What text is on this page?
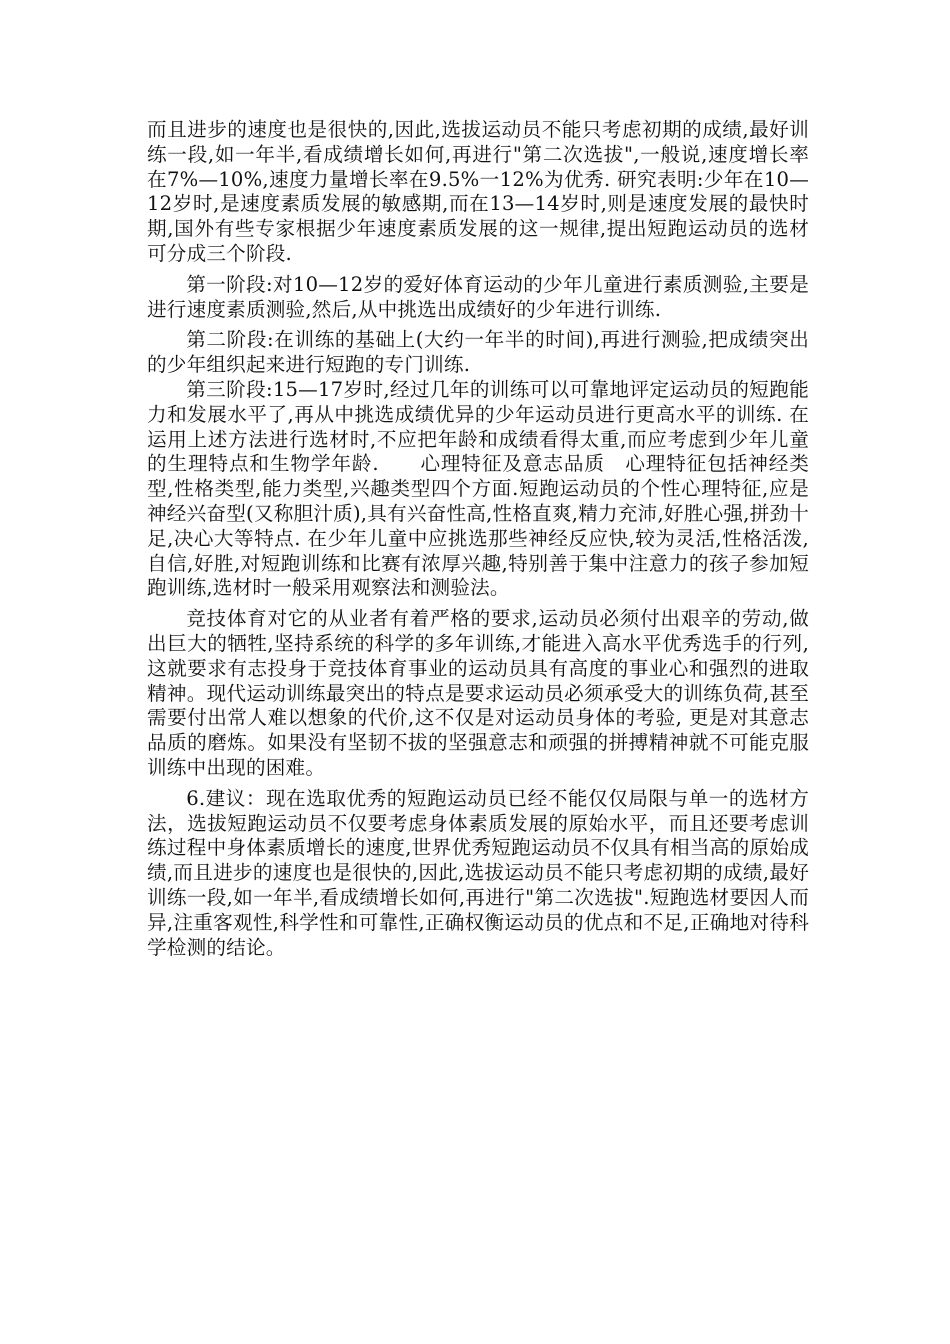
而且进步的速度也是很快的,因此,选拔运动员不能只考虑初期的成绩,最好训练一段,如一年半,看成绩增长如何,再进行"第二次选拔",一般说,速度增长率在7%—10%,速度力量增长率在9.5%一12%为优秀. 研究表明:少年在10—12岁时,是速度素质发展的敏感期,而在13—14岁时,则是速度发展的最快时期,国外有些专家根据少年速度素质发展的这一规律,提出短跑运动员的选材可分成三个阶段.

第一阶段:对10—12岁的爱好体育运动的少年儿童进行素质测验,主要是进行速度素质测验,然后,从中挑选出成绩好的少年进行训练.

第二阶段:在训练的基础上(大约一年半的时间),再进行测验,把成绩突出的少年组织起来进行短跑的专门训练.

第三阶段:15—17岁时,经过几年的训练可以可靠地评定运动员的短跑能力和发展水平了,再从中挑选成绩优异的少年运动员进行更高水平的训练. 在运用上述方法进行选材时,不应把年龄和成绩看得太重,而应考虑到少年儿童的生理特点和生物学年龄.　　心理特征及意志品质　心理特征包括神经类型,性格类型,能力类型,兴趣类型四个方面.短跑运动员的个性心理特征,应是神经兴奋型(又称胆汁质),具有兴奋性高,性格直爽,精力充沛,好胜心强,拼劲十足,决心大等特点. 在少年儿童中应挑选那些神经反应快,较为灵活,性格活泼,自信,好胜,对短跑训练和比赛有浓厚兴趣,特别善于集中注意力的孩子参加短跑训练,选材时一般采用观察法和测验法。

竞技体育对它的从业者有着严格的要求,运动员必须付出艰辛的劳动,做出巨大的牺牲,坚持系统的科学的多年训练,才能进入高水平优秀选手的行列,这就要求有志投身于竞技体育事业的运动员具有高度的事业心和强烈的进取精神。现代运动训练最突出的特点是要求运动员必须承受大的训练负荷,甚至需要付出常人难以想象的代价,这不仅是对运动员身体的考验, 更是对其意志品质的磨炼。如果没有坚韧不拔的坚强意志和顽强的拼搏精神就不可能克服训练中出现的困难。

6.建议：现在选取优秀的短跑运动员已经不能仅仅局限与单一的选材方法，选拔短跑运动员不仅要考虑身体素质发展的原始水平，而且还要考虑训练过程中身体素质增长的速度,世界优秀短跑运动员不仅具有相当高的原始成绩,而且进步的速度也是很快的,因此,选拔运动员不能只考虑初期的成绩,最好训练一段,如一年半,看成绩增长如何,再进行"第二次选拔".短跑选材要因人而异,注重客观性,科学性和可靠性,正确权衡运动员的优点和不足,正确地对待科学检测的结论。
